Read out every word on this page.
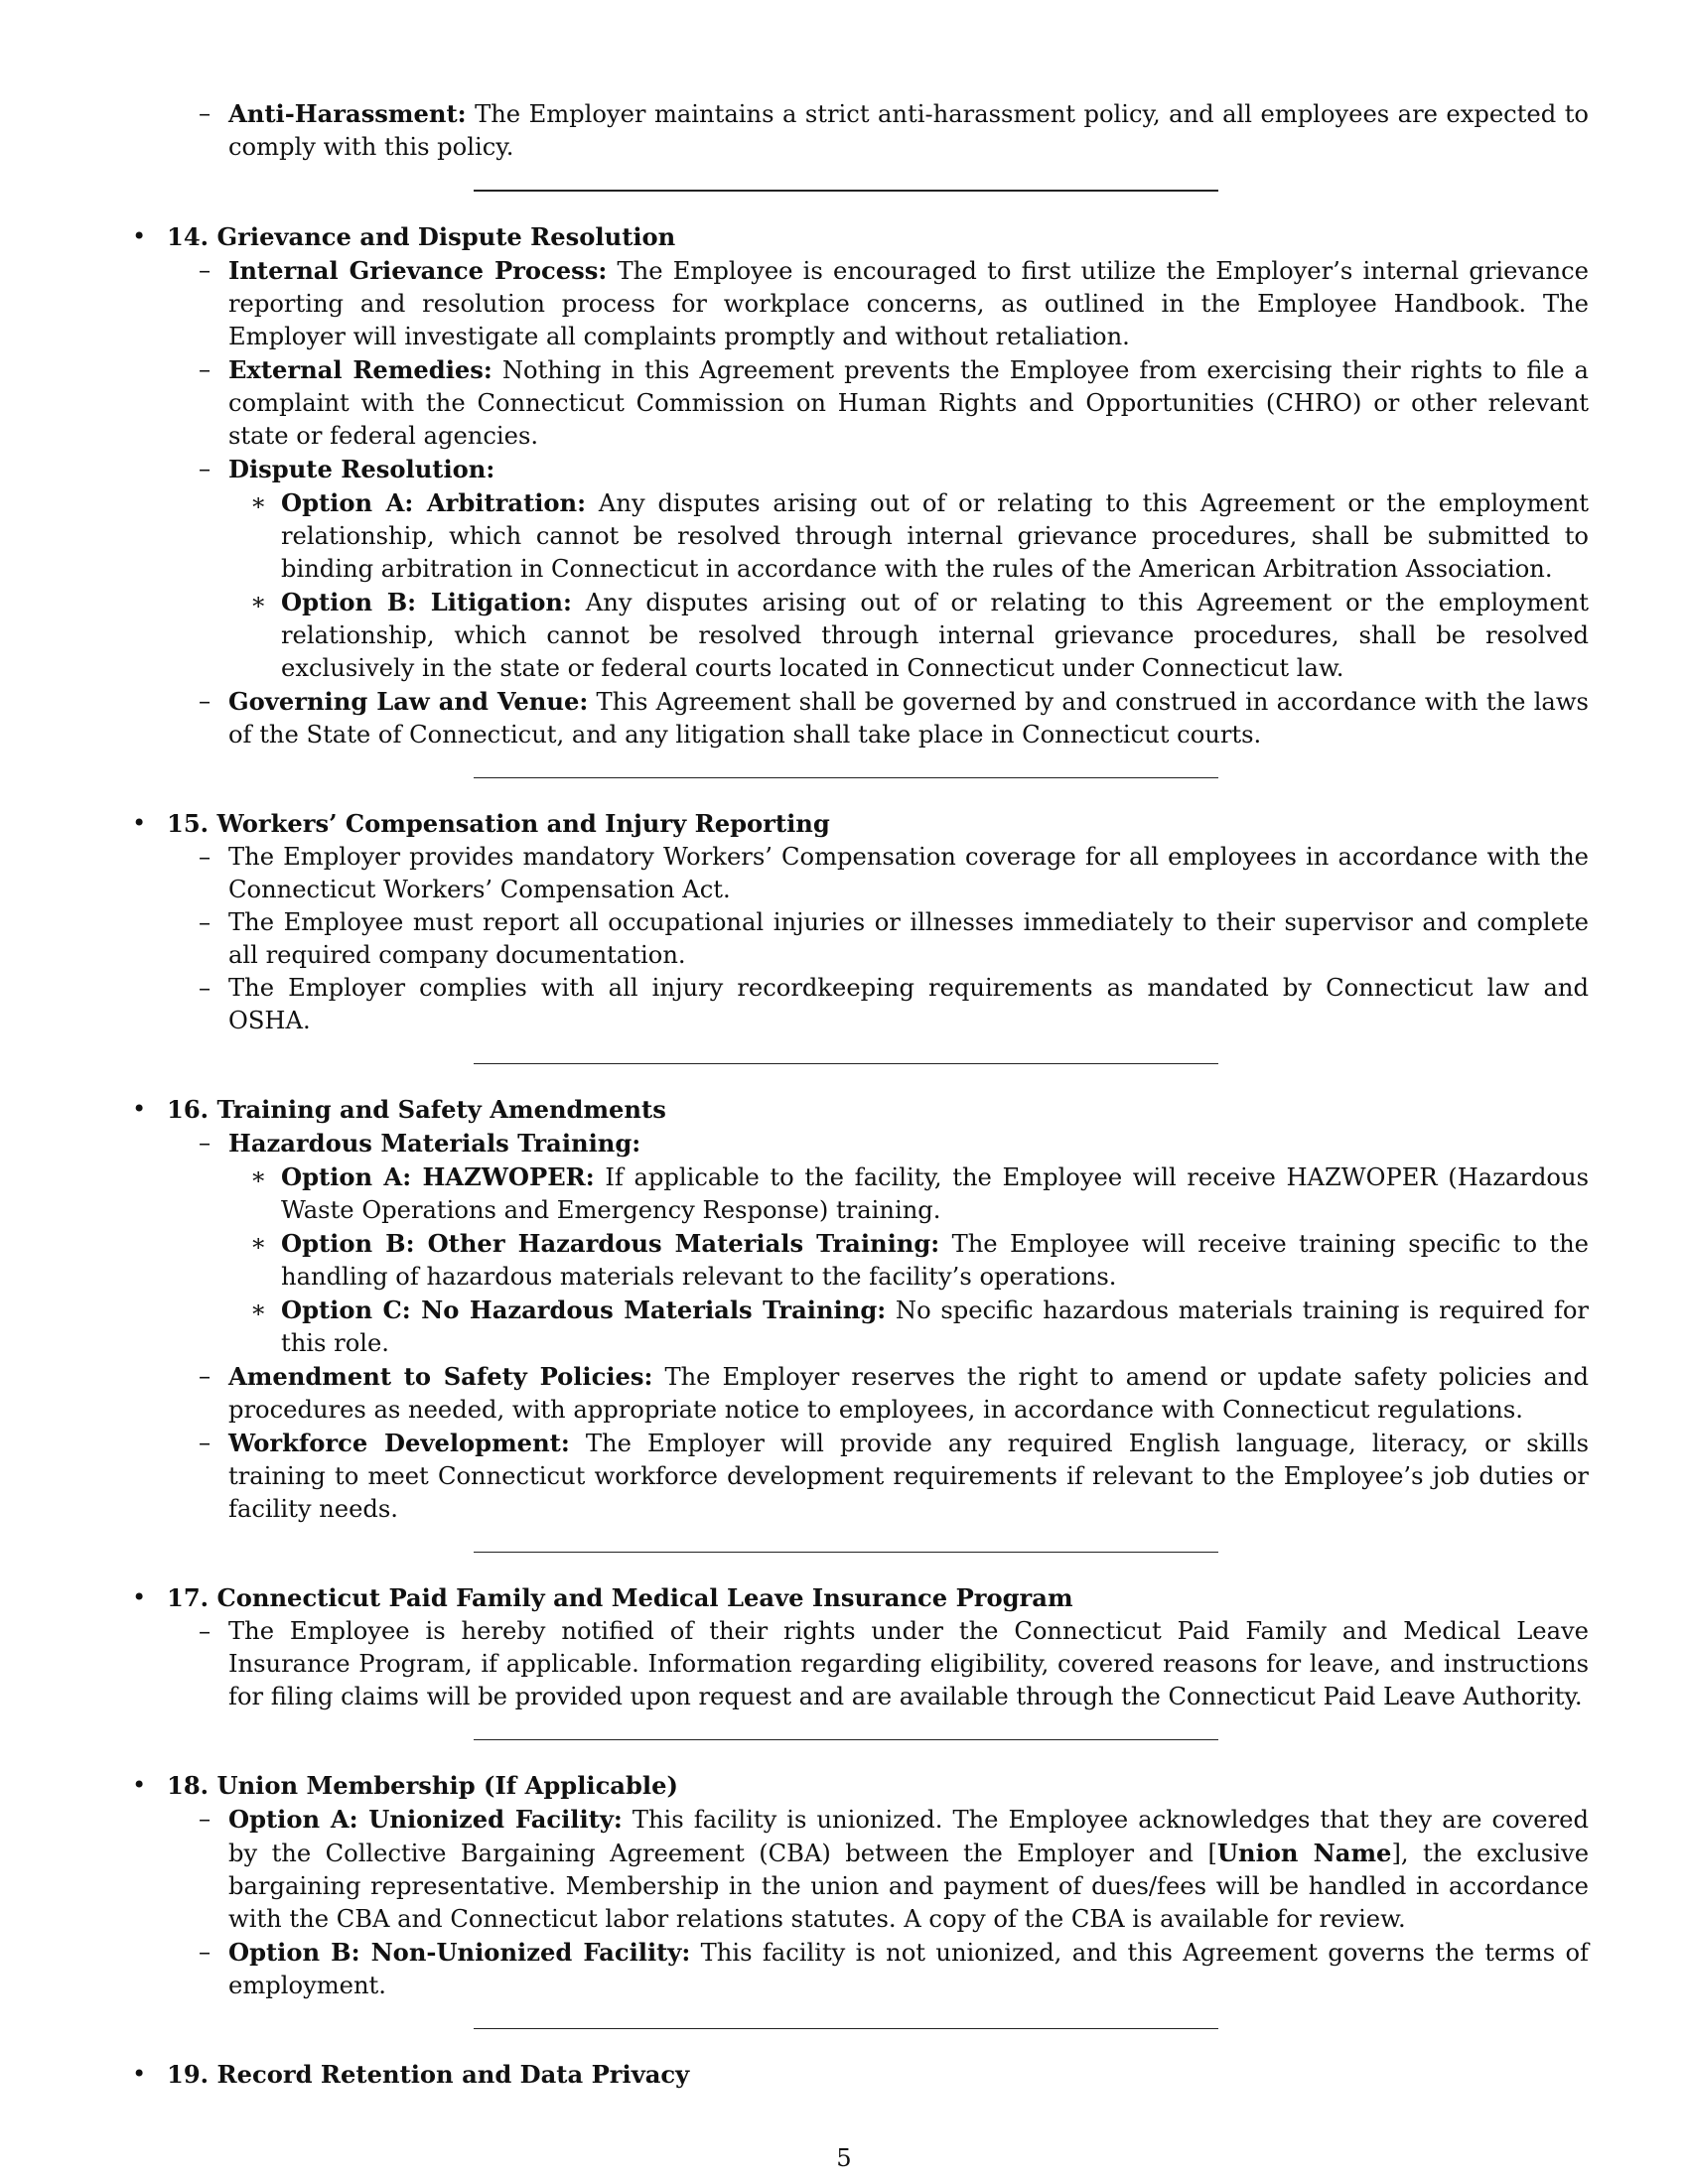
– Anti-Harassment: The Employer maintains a strict anti-harassment policy, and all employees are expected to comply with this policy.
• 14. Grievance and Dispute Resolution
– Internal Grievance Process: The Employee is encouraged to first utilize the Employer’s internal grievance reporting and resolution process for workplace concerns, as outlined in the Employee Handbook. The Employer will investigate all complaints promptly and without retaliation.
– External Remedies: Nothing in this Agreement prevents the Employee from exercising their rights to file a complaint with the Connecticut Commission on Human Rights and Opportunities (CHRO) or other relevant state or federal agencies.
– Dispute Resolution:
∗ Option A: Arbitration: Any disputes arising out of or relating to this Agreement or the employment relationship, which cannot be resolved through internal grievance procedures, shall be submitted to binding arbitration in Connecticut in accordance with the rules of the American Arbitration Association.
∗ Option B: Litigation: Any disputes arising out of or relating to this Agreement or the employment relationship, which cannot be resolved through internal grievance procedures, shall be resolved exclusively in the state or federal courts located in Connecticut under Connecticut law.
– Governing Law and Venue: This Agreement shall be governed by and construed in accordance with the laws of the State of Connecticut, and any litigation shall take place in Connecticut courts.
• 15. Workers’ Compensation and Injury Reporting
– The Employer provides mandatory Workers’ Compensation coverage for all employees in accordance with the Connecticut Workers’ Compensation Act.
– The Employee must report all occupational injuries or illnesses immediately to their supervisor and complete all required company documentation.
– The Employer complies with all injury recordkeeping requirements as mandated by Connecticut law and OSHA.
• 16. Training and Safety Amendments
– Hazardous Materials Training:
∗ Option A: HAZWOPER: If applicable to the facility, the Employee will receive HAZWOPER (Hazardous Waste Operations and Emergency Response) training.
∗ Option B: Other Hazardous Materials Training: The Employee will receive training specific to the handling of hazardous materials relevant to the facility’s operations.
∗ Option C: No Hazardous Materials Training: No specific hazardous materials training is required for this role.
– Amendment to Safety Policies: The Employer reserves the right to amend or update safety policies and procedures as needed, with appropriate notice to employees, in accordance with Connecticut regulations.
– Workforce Development: The Employer will provide any required English language, literacy, or skills training to meet Connecticut workforce development requirements if relevant to the Employee’s job duties or facility needs.
• 17. Connecticut Paid Family and Medical Leave Insurance Program
– The Employee is hereby notified of their rights under the Connecticut Paid Family and Medical Leave Insurance Program, if applicable. Information regarding eligibility, covered reasons for leave, and instructions for filing claims will be provided upon request and are available through the Connecticut Paid Leave Authority.
• 18. Union Membership (If Applicable)
– Option A: Unionized Facility: This facility is unionized. The Employee acknowledges that they are covered by the Collective Bargaining Agreement (CBA) between the Employer and [Union Name], the exclusive bargaining representative. Membership in the union and payment of dues/fees will be handled in accordance with the CBA and Connecticut labor relations statutes. A copy of the CBA is available for review.
– Option B: Non-Unionized Facility: This facility is not unionized, and this Agreement governs the terms of employment.
• 19. Record Retention and Data Privacy
5
